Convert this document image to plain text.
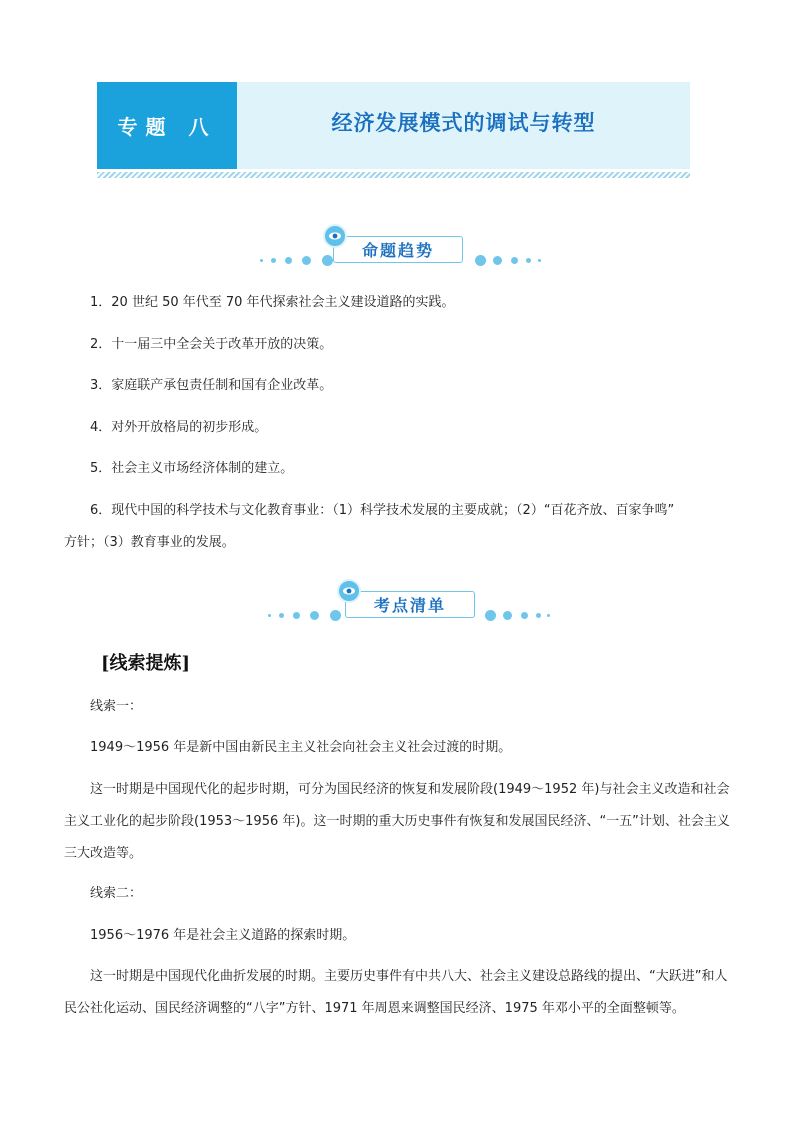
专题 八	经济发展模式的调试与转型
命题趋势
1．20 世纪 50 年代至 70 年代探索社会主义建设道路的实践。
2．十一届三中全会关于改革开放的决策。
3．家庭联产承包责任制和国有企业改革。
4．对外开放格局的初步形成。
5．社会主义市场经济体制的建立。
6．现代中国的科学技术与文化教育事业：（1）科学技术发展的主要成就；（2）“百花齐放、百家争鸣”
方针；（3）教育事业的发展。
考点清单
[线索提炼]
线索一：
1949～1956 年是新中国由新民主主义社会向社会主义社会过渡的时期。
这一时期是中国现代化的起步时期，可分为国民经济的恢复和发展阶段(1949～1952 年)与社会主义改造和社会主义工业化的起步阶段(1953～1956 年)。这一时期的重大历史事件有恢复和发展国民经济、“一五”计划、社会主义三大改造等。
线索二：
1956～1976 年是社会主义道路的探索时期。
这一时期是中国现代化曲折发展的时期。主要历史事件有中共八大、社会主义建设总路线的提出、“大跃进”和人民公社化运动、国民经济调整的“八字”方针、1971 年周恩来调整国民经济、1975 年邓小平的全面整顿等。
